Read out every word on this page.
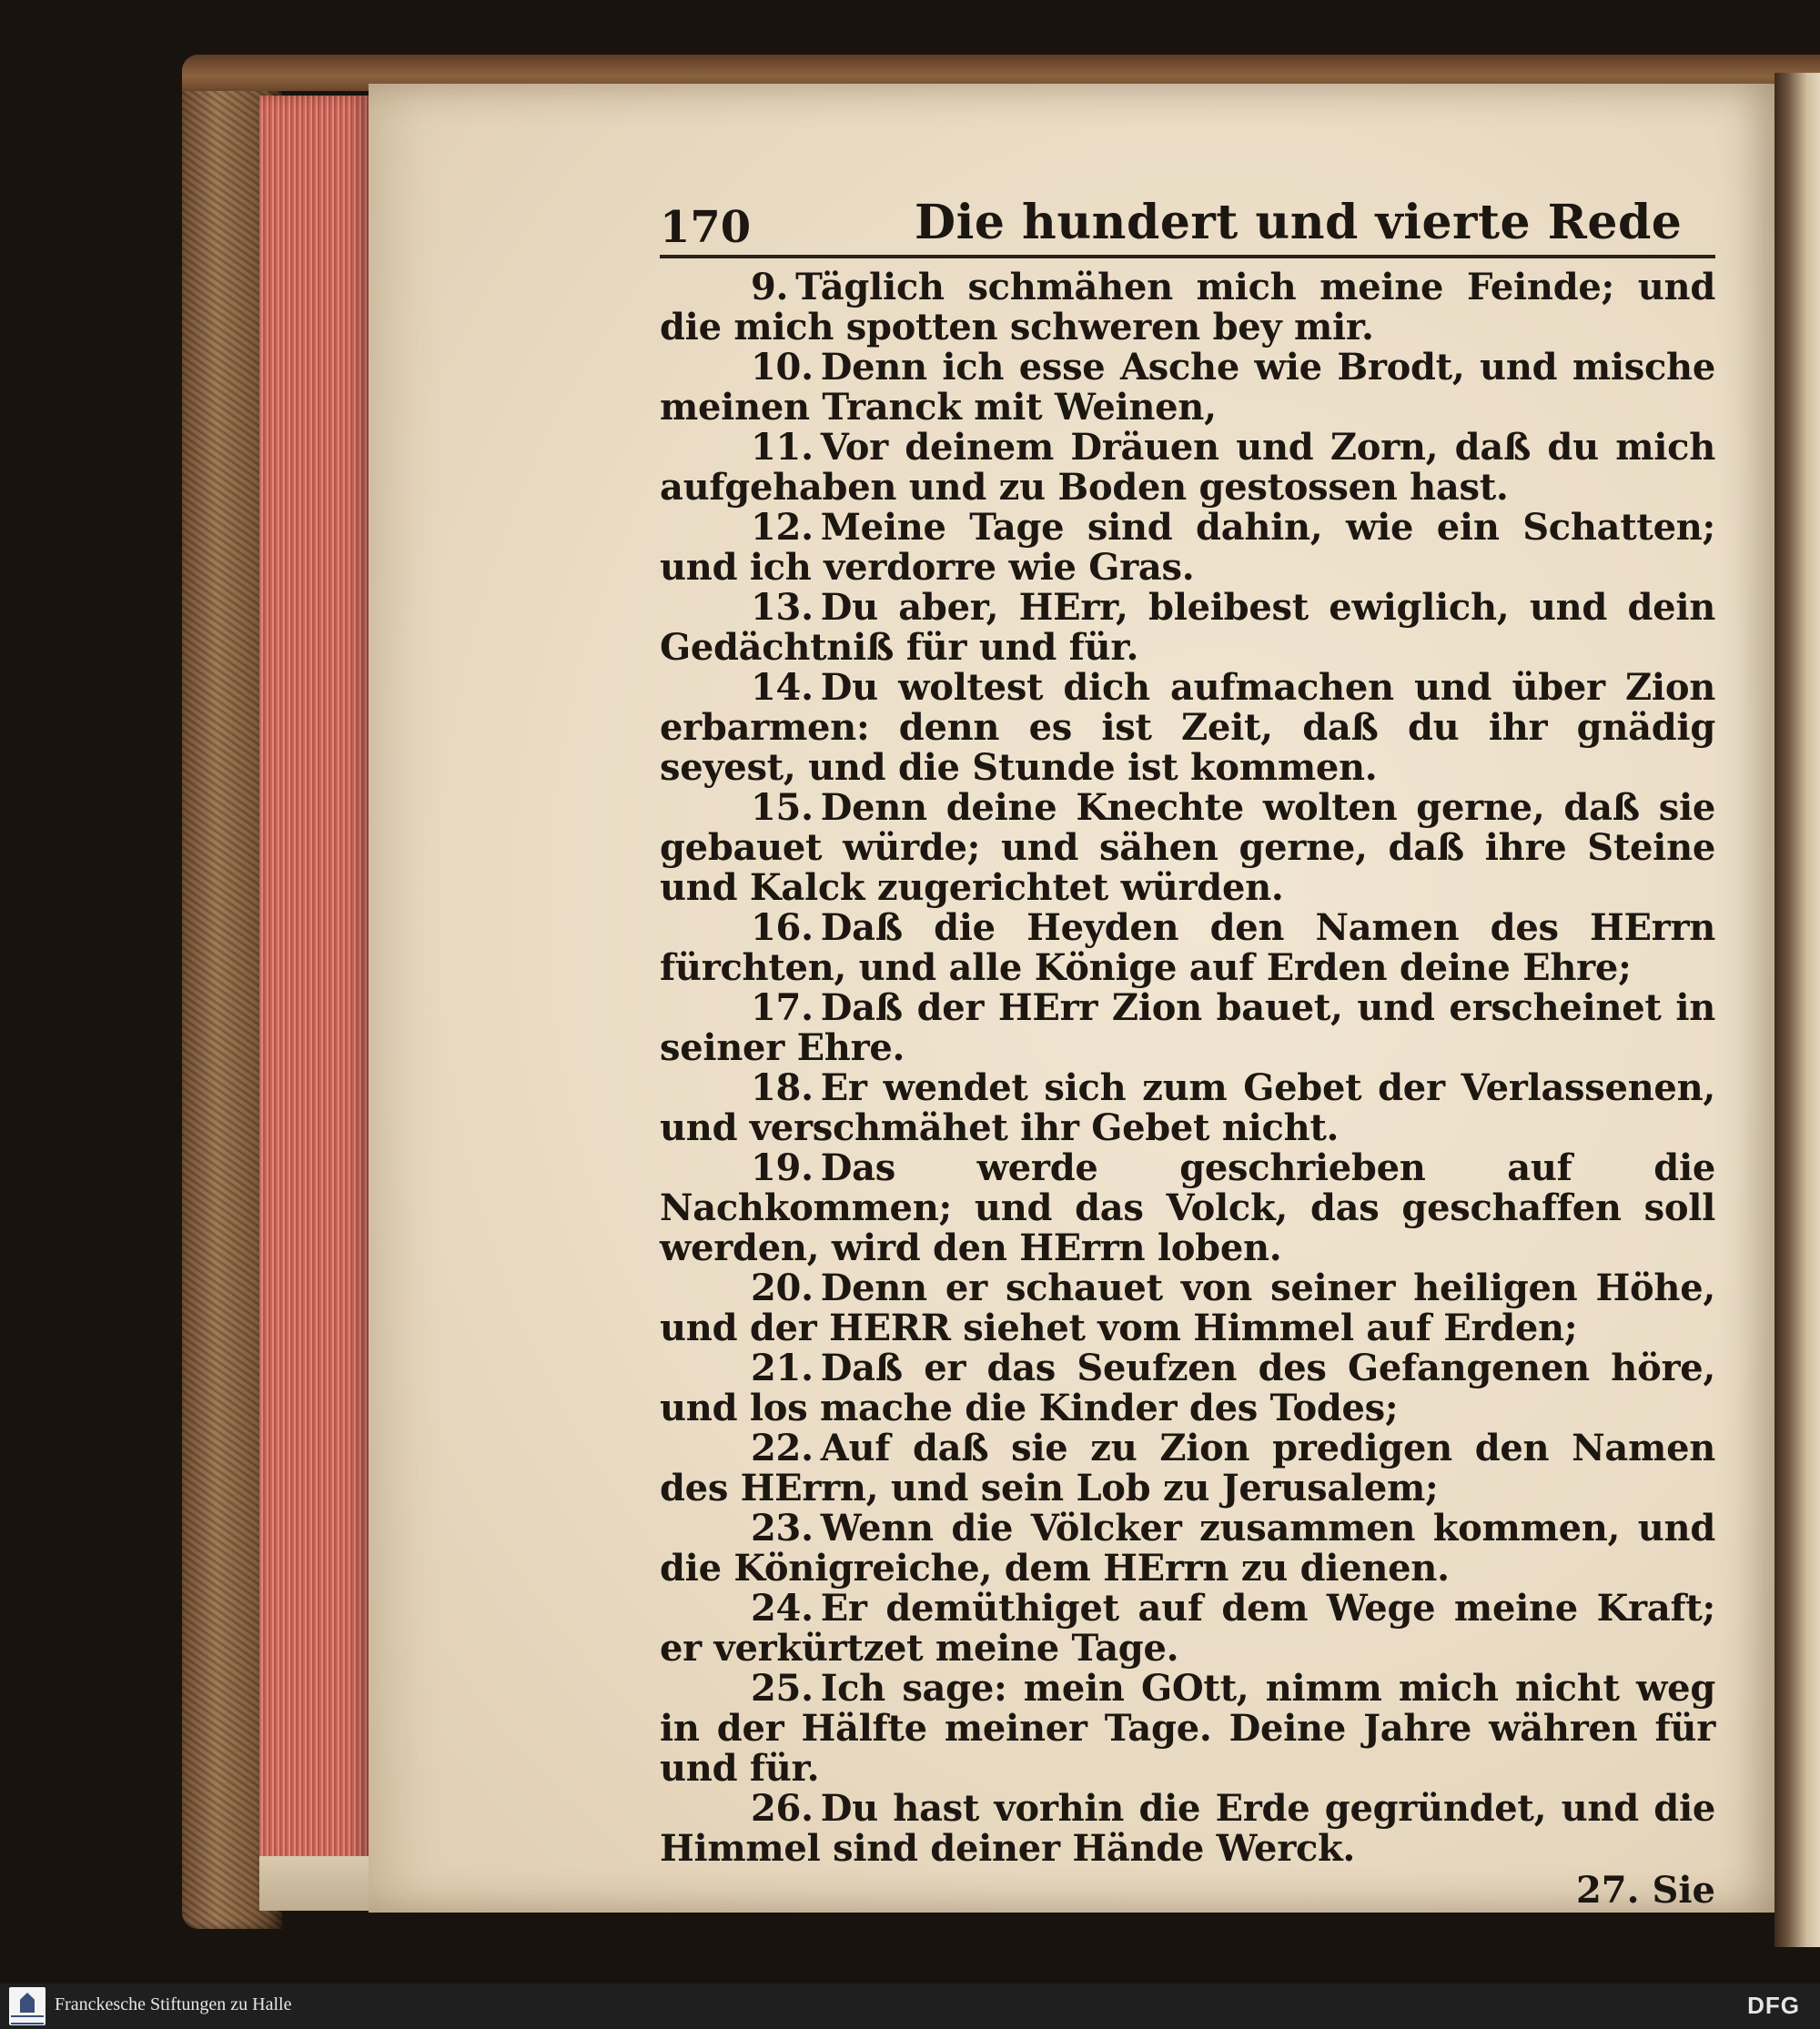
170	Die hundert und vierte Rede

9. Täglich schmähen mich meine Feinde; und die mich spotten schweren bey mir.

10. Denn ich esse Asche wie Brodt, und mische meinen Tranck mit Weinen,

11. Vor deinem Dräuen und Zorn, daß du mich aufgehaben und zu Boden gestossen hast.

12. Meine Tage sind dahin, wie ein Schatten; und ich verdorre wie Gras.

13. Du aber, HErr, bleibest ewiglich, und dein Gedächtniß für und für.

14. Du woltest dich aufmachen und über Zion erbarmen: denn es ist Zeit, daß du ihr gnädig seyest, und die Stunde ist kommen.

15. Denn deine Knechte wolten gerne, daß sie gebauet würde; und sähen gerne, daß ihre Steine und Kalck zugerichtet würden.

16. Daß die Heyden den Namen des HErrn fürchten, und alle Könige auf Erden deine Ehre;

17. Daß der HErr Zion bauet, und erscheinet in seiner Ehre.

18. Er wendet sich zum Gebet der Verlassenen, und verschmähet ihr Gebet nicht.

19. Das werde geschrieben auf die Nachkommen; und das Volck, das geschaffen soll werden, wird den HErrn loben.

20. Denn er schauet von seiner heiligen Höhe, und der HERR siehet vom Himmel auf Erden;

21. Daß er das Seufzen des Gefangenen höre, und los mache die Kinder des Todes;

22. Auf daß sie zu Zion predigen den Namen des HErrn, und sein Lob zu Jerusalem;

23. Wenn die Völcker zusammen kommen, und die Königreiche, dem HErrn zu dienen.

24. Er demüthiget auf dem Wege meine Kraft; er verkürtzet meine Tage.

25. Ich sage: mein GOtt, nimm mich nicht weg in der Hälfte meiner Tage. Deine Jahre währen für und für.

26. Du hast vorhin die Erde gegründet, und die Himmel sind deiner Hände Werck.

27. Sie
Franckesche Stiftungen zu Halle	DFG
